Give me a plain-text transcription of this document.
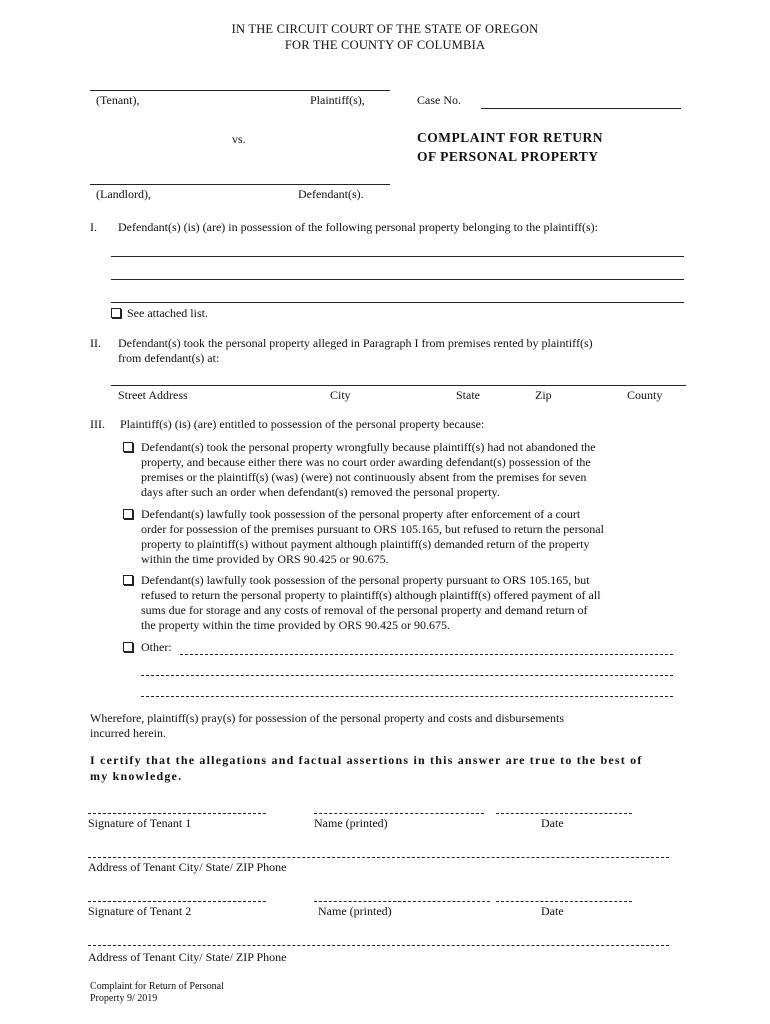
IN THE CIRCUIT COURT OF THE STATE OF OREGON
FOR THE COUNTY OF COLUMBIA
(Tenant),	Plaintiff(s),	Case No.
vs.	COMPLAINT FOR RETURN
OF PERSONAL PROPERTY
(Landlord),	Defendant(s).
I. Defendant(s) (is) (are) in possession of the following personal property belonging to the plaintiff(s):
See attached list.
II. Defendant(s) took the personal property alleged in Paragraph I from premises rented by plaintiff(s)
from defendant(s) at:
Street Address	City	State	Zip	County
III. Plaintiff(s) (is) (are) entitled to possession of the personal property because:
Defendant(s) took the personal property wrongfully because plaintiff(s) had not abandoned the
property, and because either there was no court order awarding defendant(s) possession of the
premises or the plaintiff(s) (was) (were) not continuously absent from the premises for seven
days after such an order when defendant(s) removed the personal property.
Defendant(s) lawfully took possession of the personal property after enforcement of a court
order for possession of the premises pursuant to ORS 105.165, but refused to return the personal
property to plaintiff(s) without payment although plaintiff(s) demanded return of the property
within the time provided by ORS 90.425 or 90.675.
Defendant(s) lawfully took possession of the personal property pursuant to ORS 105.165, but
refused to return the personal property to plaintiff(s) although plaintiff(s) offered payment of all
sums due for storage and any costs of removal of the personal property and demand return of
the property within the time provided by ORS 90.425 or 90.675.
Other:
Wherefore, plaintiff(s) pray(s) for possession of the personal property and costs and disbursements
incurred herein.
I certify that the allegations and factual assertions in this answer are true to the best of
my knowledge.
Signature of Tenant 1	Name (printed)	Date
Address of Tenant City/ State/ ZIP Phone
Signature of Tenant 2	Name (printed)	Date
Address of Tenant City/ State/ ZIP Phone
Complaint for Return of Personal
Property 9/ 2019
